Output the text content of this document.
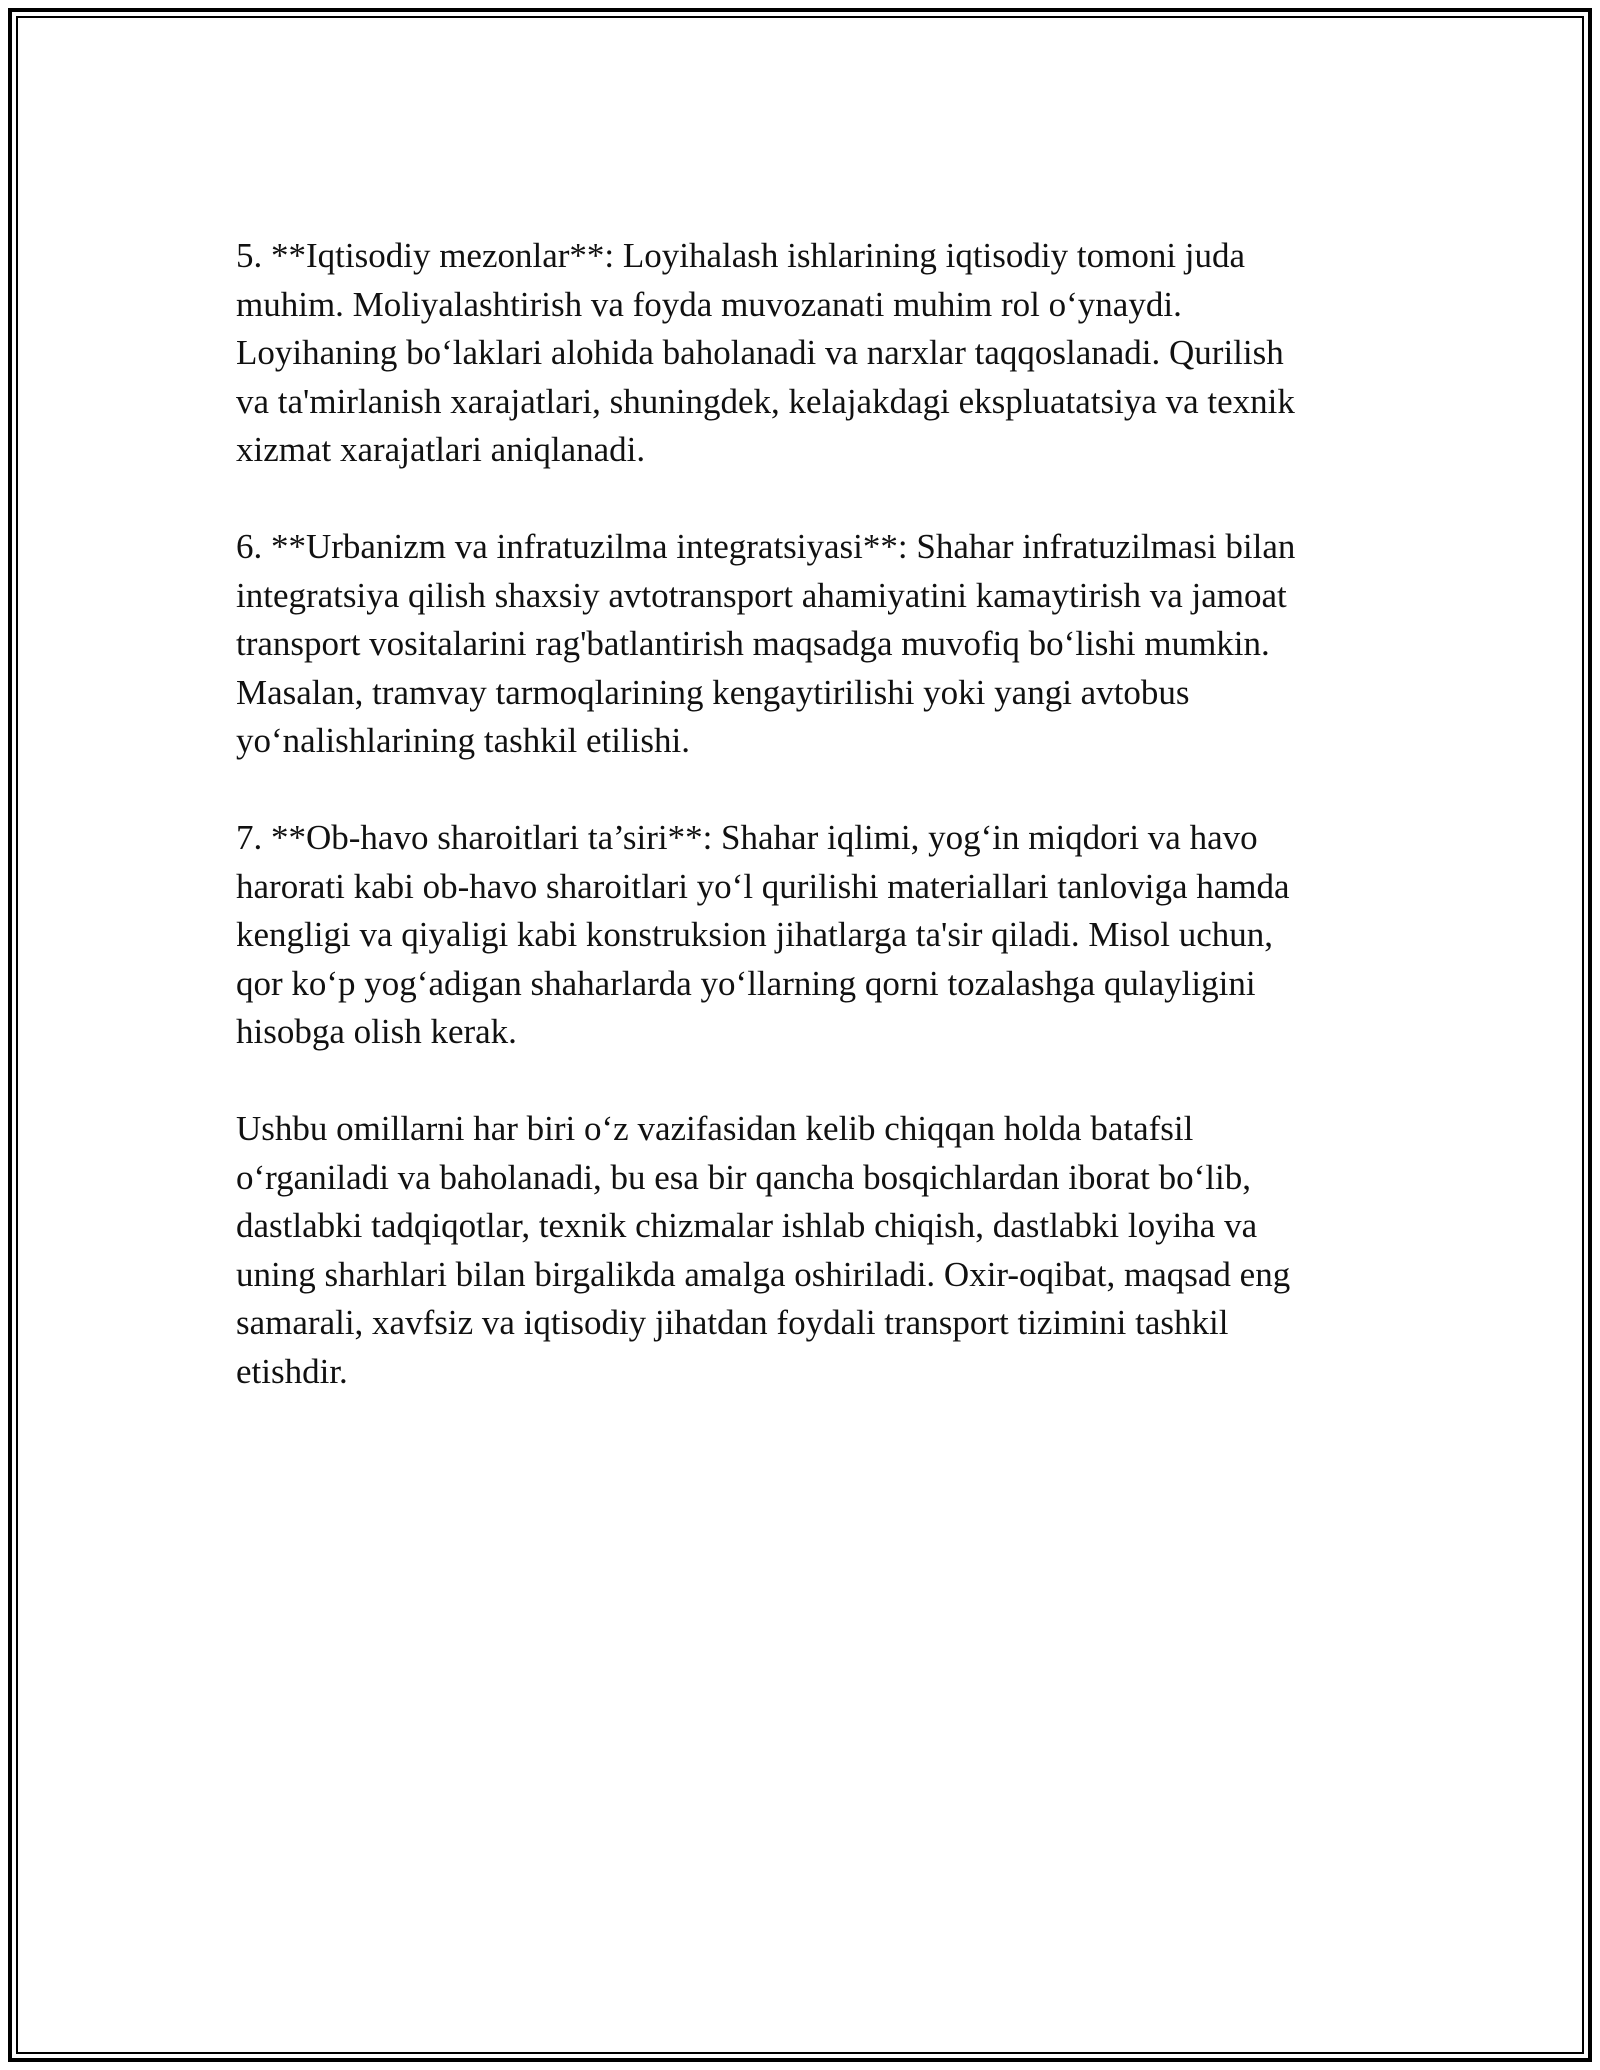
5. **Iqtisodiy mezonlar**: Loyihalash ishlarining iqtisodiy tomoni juda
muhim. Moliyalashtirish va foyda muvozanati muhim rol o‘ynaydi.
Loyihaning bo‘laklari alohida baholanadi va narxlar taqqoslanadi. Qurilish
va ta'mirlanish xarajatlari, shuningdek, kelajakdagi ekspluatatsiya va texnik
xizmat xarajatlari aniqlanadi.

6. **Urbanizm va infratuzilma integratsiyasi**: Shahar infratuzilmasi bilan
integratsiya qilish shaxsiy avtotransport ahamiyatini kamaytirish va jamoat
transport vositalarini rag'batlantirish maqsadga muvofiq bo‘lishi mumkin.
Masalan, tramvay tarmoqlarining kengaytirilishi yoki yangi avtobus
yo‘nalishlarining tashkil etilishi.

7. **Ob-havo sharoitlari ta’siri**: Shahar iqlimi, yog‘in miqdori va havo
harorati kabi ob-havo sharoitlari yo‘l qurilishi materiallari tanloviga hamda
kengligi va qiyaligi kabi konstruksion jihatlarga ta'sir qiladi. Misol uchun,
qor ko‘p yog‘adigan shaharlarda yo‘llarning qorni tozalashga qulayligini
hisobga olish kerak.

Ushbu omillarni har biri o‘z vazifasidan kelib chiqqan holda batafsil
o‘rganiladi va baholanadi, bu esa bir qancha bosqichlardan iborat bo‘lib,
dastlabki tadqiqotlar, texnik chizmalar ishlab chiqish, dastlabki loyiha va
uning sharhlari bilan birgalikda amalga oshiriladi. Oxir-oqibat, maqsad eng
samarali, xavfsiz va iqtisodiy jihatdan foydali transport tizimini tashkil
etishdir.
